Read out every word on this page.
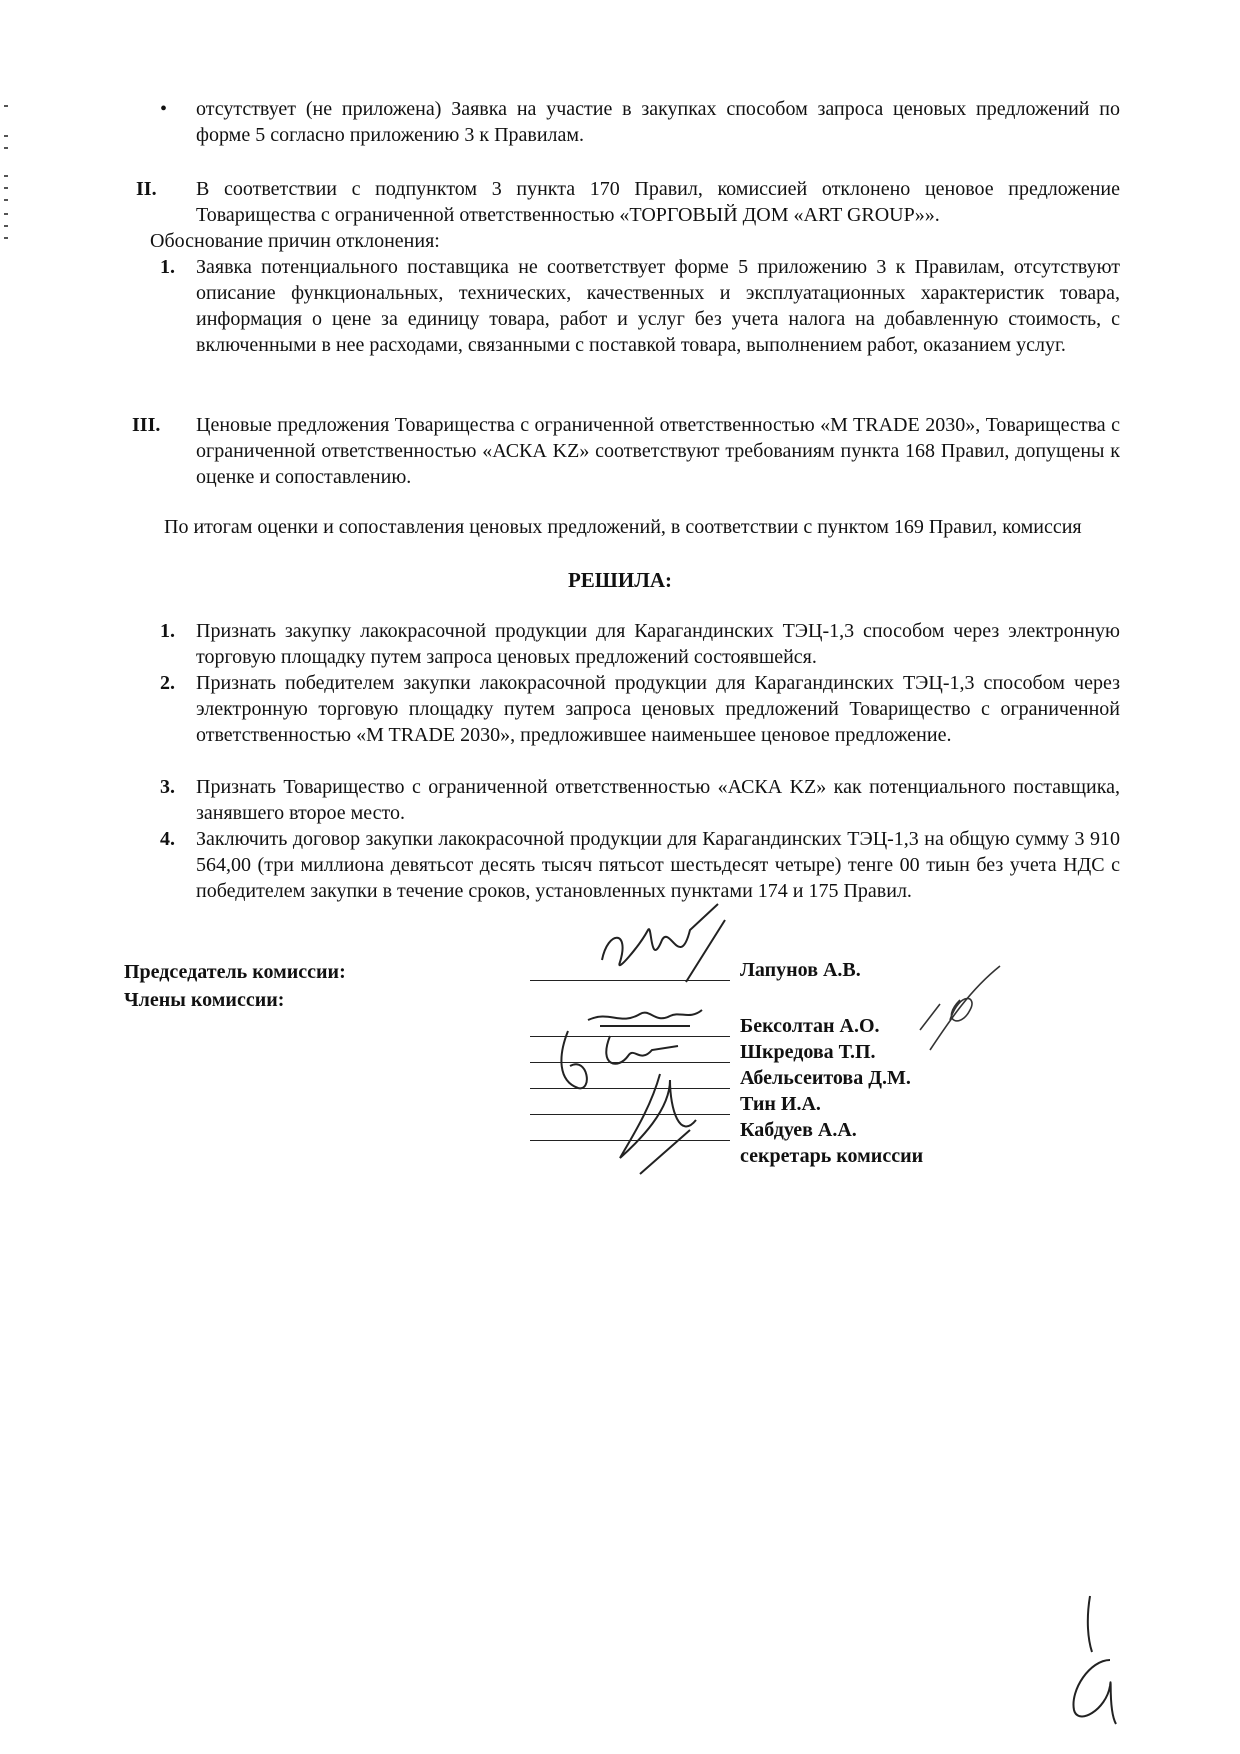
• отсутствует (не приложена) Заявка на участие в закупках способом запроса ценовых предложений по форме 5 согласно приложению 3 к Правилам.
II. В соответствии с подпунктом 3 пункта 170 Правил, комиссией отклонено ценовое предложение Товарищества с ограниченной ответственностью «ТОРГОВЫЙ ДОМ «ART GROUP»».
Обоснование причин отклонения:
1. Заявка потенциального поставщика не соответствует форме 5 приложению 3 к Правилам, отсутствуют описание функциональных, технических, качественных и эксплуатационных характеристик товара, информация о цене за единицу товара, работ и услуг без учета налога на добавленную стоимость, с включенными в нее расходами, связанными с поставкой товара, выполнением работ, оказанием услуг.
III. Ценовые предложения Товарищества с ограниченной ответственностью «M TRADE 2030», Товарищества с ограниченной ответственностью «АСКА KZ» соответствуют требованиям пункта 168 Правил, допущены к оценке и сопоставлению.
По итогам оценки и сопоставления ценовых предложений, в соответствии с пунктом 169 Правил, комиссия
РЕШИЛА:
1. Признать закупку лакокрасочной продукции для Карагандинских ТЭЦ-1,3 способом через электронную торговую площадку путем запроса ценовых предложений состоявшейся.
2. Признать победителем закупки лакокрасочной продукции для Карагандинских ТЭЦ-1,3 способом через электронную торговую площадку путем запроса ценовых предложений Товарищество с ограниченной ответственностью «M TRADE 2030», предложившее наименьшее ценовое предложение.
3. Признать Товарищество с ограниченной ответственностью «АСКА KZ» как потенциального поставщика, занявшего второе место.
4. Заключить договор закупки лакокрасочной продукции для Карагандинских ТЭЦ-1,3 на общую сумму 3 910 564,00 (три миллиона девятьсот десять тысяч пятьсот шестьдесят четыре) тенге 00 тиын без учета НДС с победителем закупки в течение сроков, установленных пунктами 174 и 175 Правил.
Председатель комиссии:
Члены комиссии:
Лапунов А.В.
Бексолтан А.О.
Шкредова Т.П.
Абельсеитова Д.М.
Тин И.А.
Кабдуев А.А.
секретарь комиссии
